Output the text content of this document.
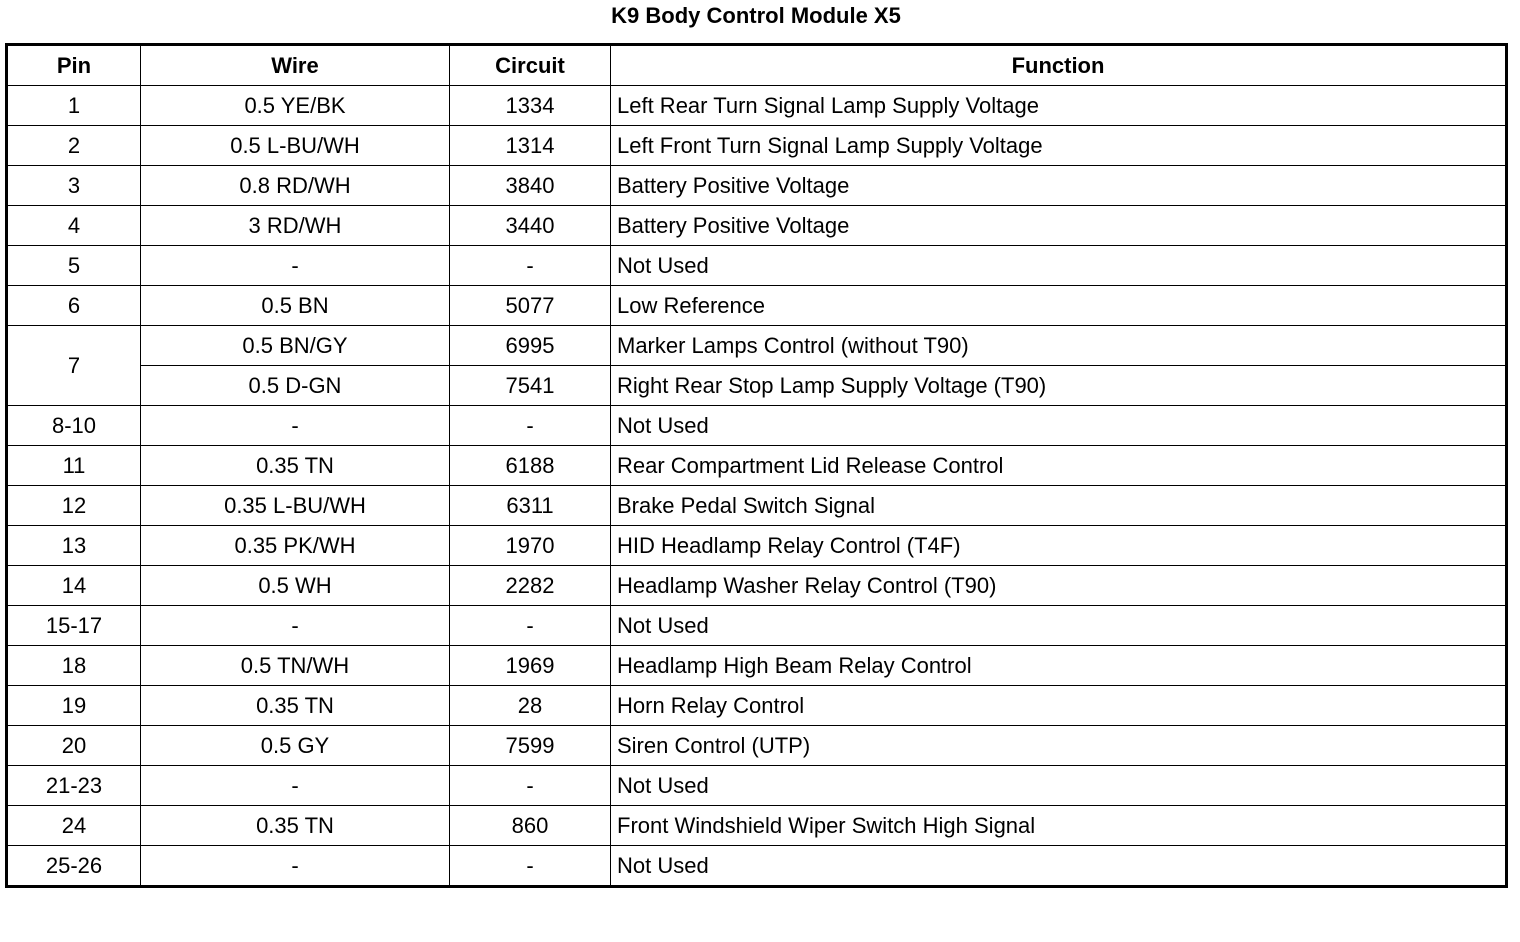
K9 Body Control Module X5
Pin	Wire	Circuit	Function
1	0.5 YE/BK	1334	Left Rear Turn Signal Lamp Supply Voltage
2	0.5 L-BU/WH	1314	Left Front Turn Signal Lamp Supply Voltage
3	0.8 RD/WH	3840	Battery Positive Voltage
4	3 RD/WH	3440	Battery Positive Voltage
5	-	-	Not Used
6	0.5 BN	5077	Low Reference
7	0.5 BN/GY	6995	Marker Lamps Control (without T90)
	0.5 D-GN	7541	Right Rear Stop Lamp Supply Voltage (T90)
8-10	-	-	Not Used
11	0.35 TN	6188	Rear Compartment Lid Release Control
12	0.35 L-BU/WH	6311	Brake Pedal Switch Signal
13	0.35 PK/WH	1970	HID Headlamp Relay Control (T4F)
14	0.5 WH	2282	Headlamp Washer Relay Control (T90)
15-17	-	-	Not Used
18	0.5 TN/WH	1969	Headlamp High Beam Relay Control
19	0.35 TN	28	Horn Relay Control
20	0.5 GY	7599	Siren Control (UTP)
21-23	-	-	Not Used
24	0.35 TN	860	Front Windshield Wiper Switch High Signal
25-26	-	-	Not Used
